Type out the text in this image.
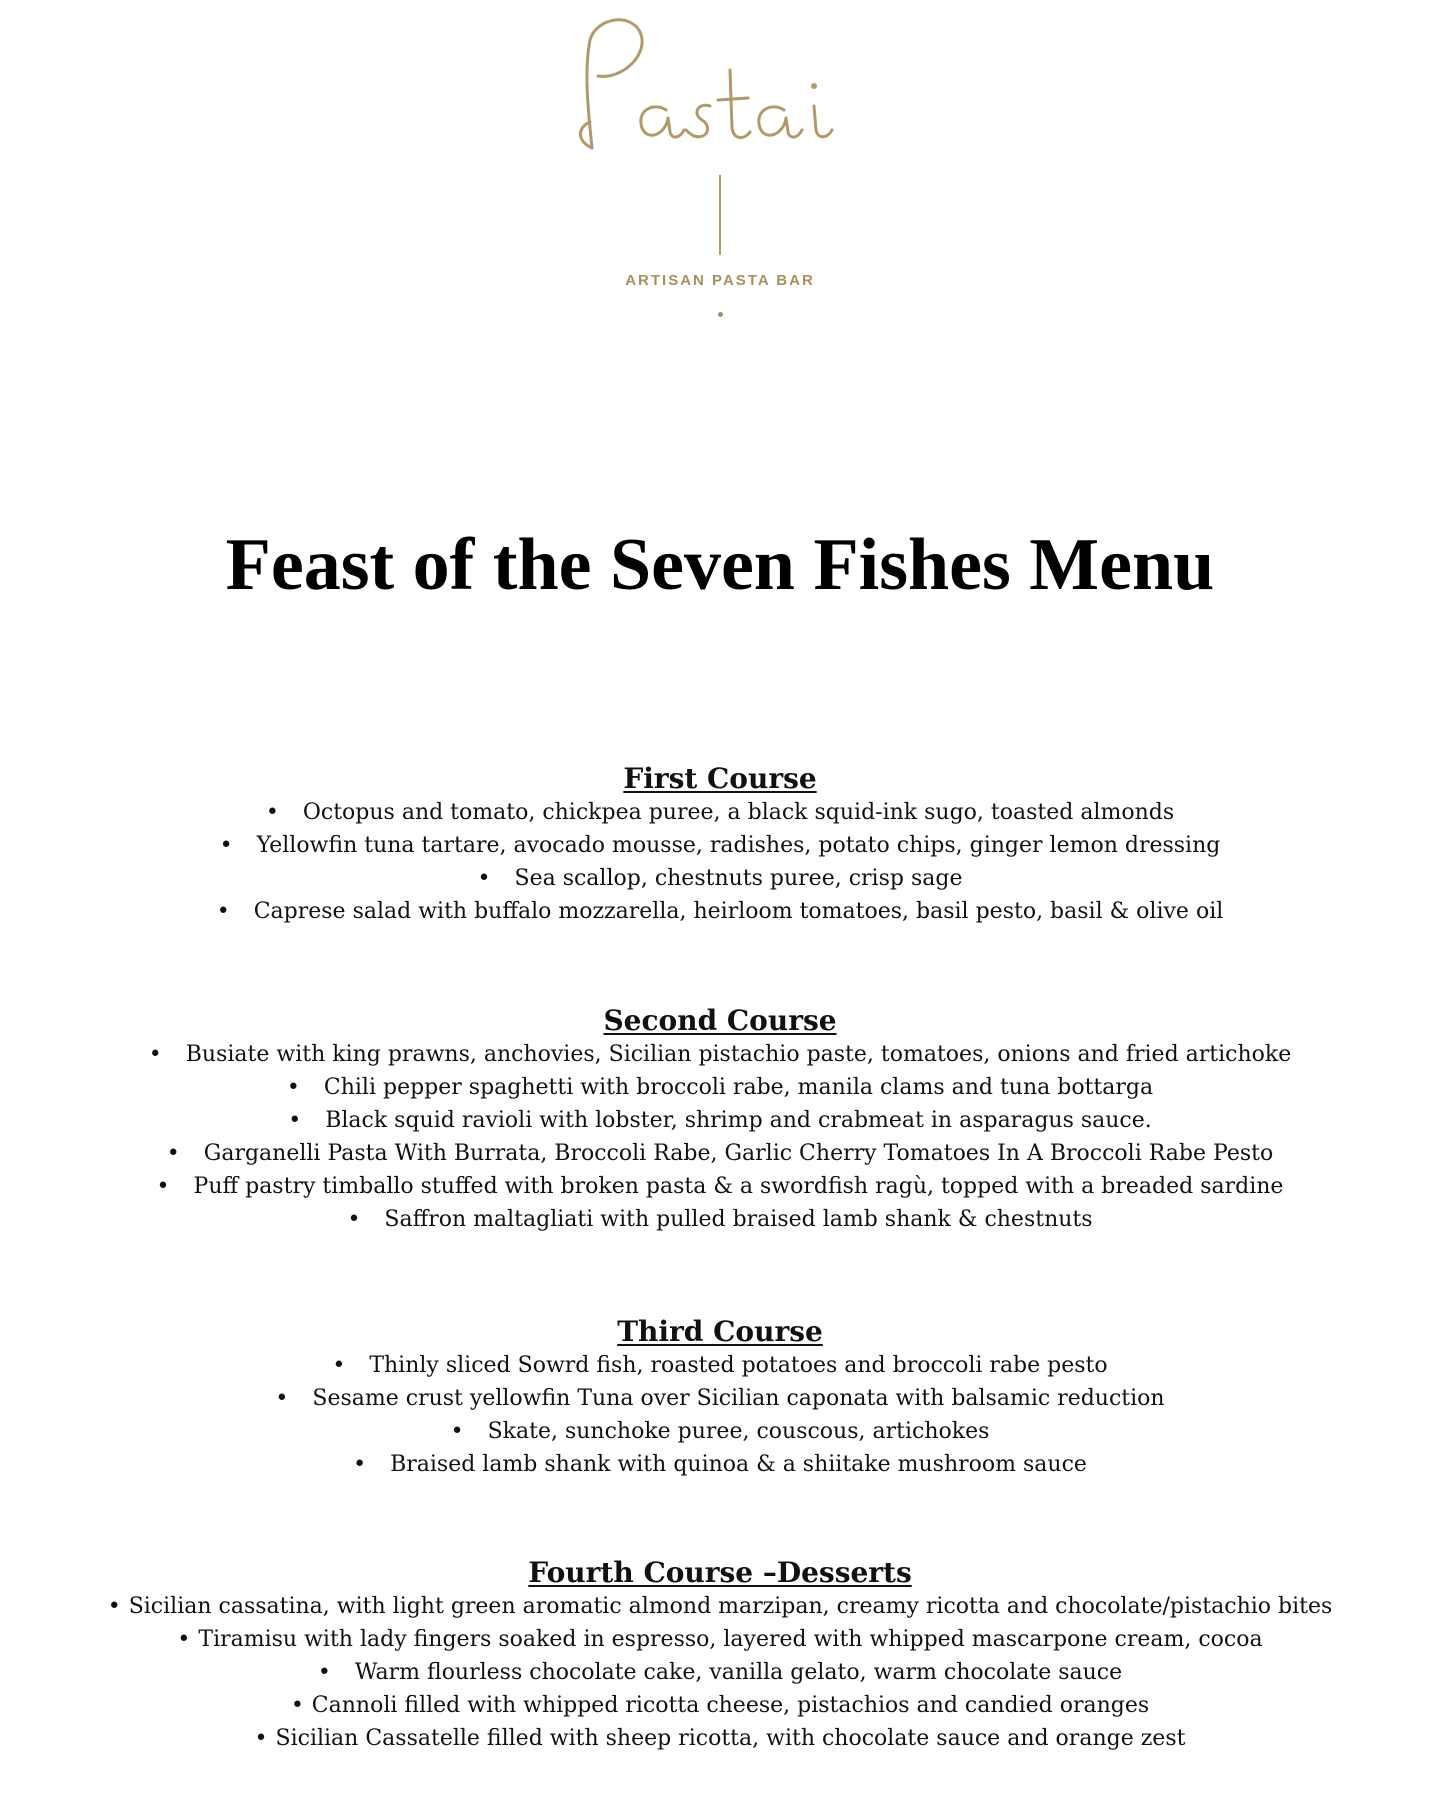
ARTISAN PASTA BAR
Feast of the Seven Fishes Menu
First Course
• Octopus and tomato, chickpea puree, a black squid-ink sugo, toasted almonds
• Yellowfin tuna tartare, avocado mousse, radishes, potato chips, ginger lemon dressing
• Sea scallop, chestnuts puree, crisp sage
• Caprese salad with buffalo mozzarella, heirloom tomatoes, basil pesto, basil & olive oil
Second Course
• Busiate with king prawns, anchovies, Sicilian pistachio paste, tomatoes, onions and fried artichoke
• Chili pepper spaghetti with broccoli rabe, manila clams and tuna bottarga
• Black squid ravioli with lobster, shrimp and crabmeat in asparagus sauce.
• Garganelli Pasta With Burrata, Broccoli Rabe, Garlic Cherry Tomatoes In A Broccoli Rabe Pesto
• Puff pastry timballo stuffed with broken pasta & a swordfish ragù, topped with a breaded sardine
• Saffron maltagliati with pulled braised lamb shank & chestnuts
Third Course
• Thinly sliced Sowrd fish, roasted potatoes and broccoli rabe pesto
• Sesame crust yellowfin Tuna over Sicilian caponata with balsamic reduction
• Skate, sunchoke puree, couscous, artichokes
• Braised lamb shank with quinoa & a shiitake mushroom sauce
Fourth Course –Desserts
• Sicilian cassatina, with light green aromatic almond marzipan, creamy ricotta and chocolate/pistachio bites
• Tiramisu with lady fingers soaked in espresso, layered with whipped mascarpone cream, cocoa
• Warm flourless chocolate cake, vanilla gelato, warm chocolate sauce
• Cannoli filled with whipped ricotta cheese, pistachios and candied oranges
• Sicilian Cassatelle filled with sheep ricotta, with chocolate sauce and orange zest
